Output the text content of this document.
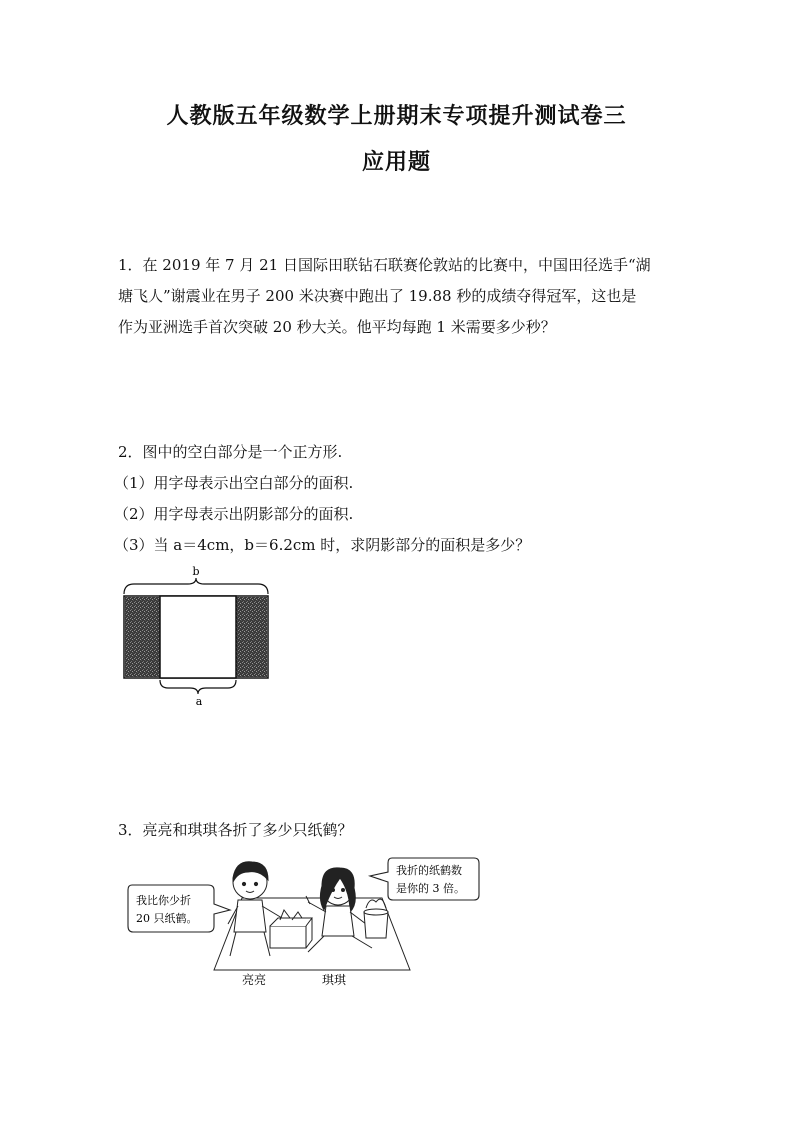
人教版五年级数学上册期末专项提升测试卷三
应用题

1．在 2019 年 7 月 21 日国际田联钻石联赛伦敦站的比赛中，中国田径选手“湖

塘飞人”谢震业在男子 200 米决赛中跑出了 19.88 秒的成绩夺得冠军，这也是

作为亚洲选手首次突破 20 秒大关。他平均每跑 1 米需要多少秒？

2．图中的空白部分是一个正方形.
（1）用字母表示出空白部分的面积.
（2）用字母表示出阴影部分的面积.
（3）当 a＝4cm，b＝6.2cm 时，求阴影部分的面积是多少？
b
a
3．亮亮和琪琪各折了多少只纸鹤？
我比你少折
20 只纸鹤。
我折的纸鹤数
是你的 3 倍。
亮亮	琪琪
